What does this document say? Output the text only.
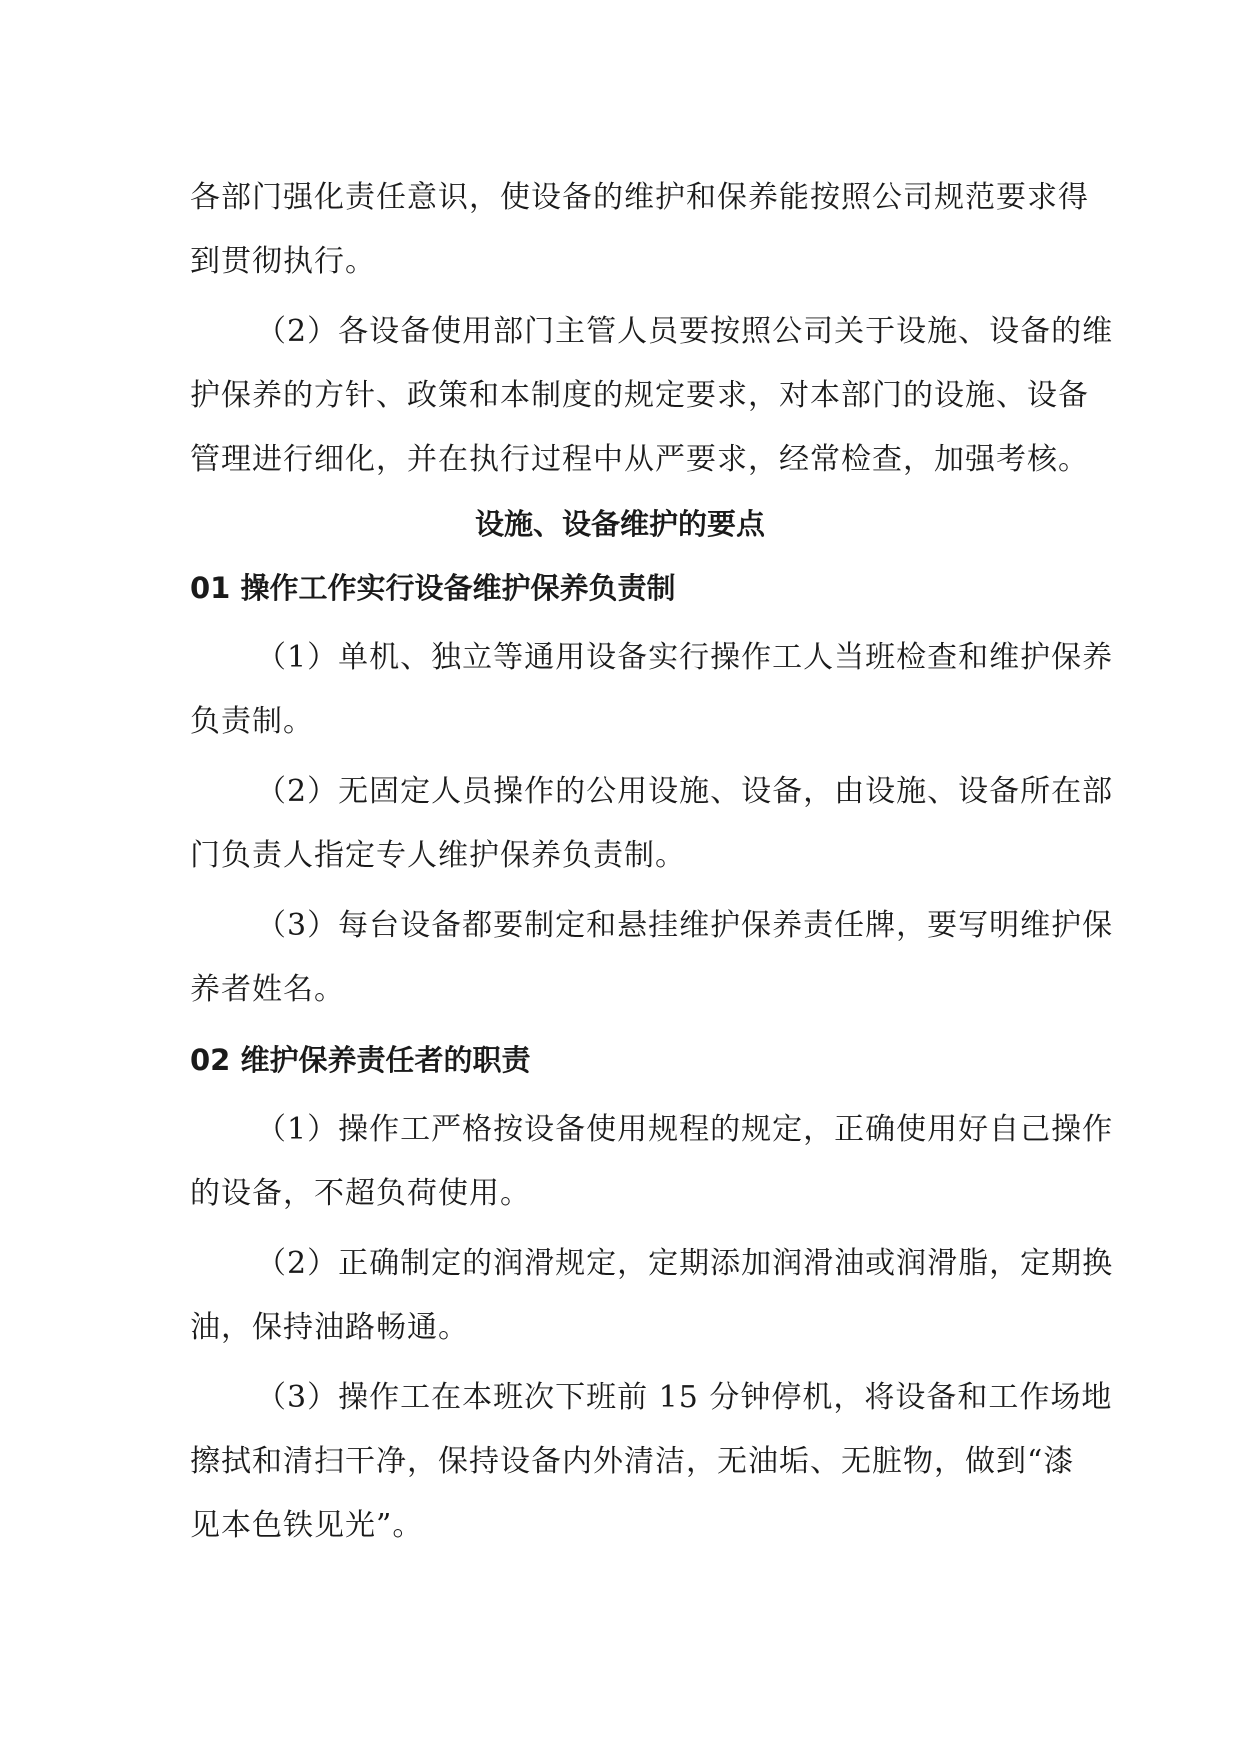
各部门强化责任意识，使设备的维护和保养能按照公司规范要求得
到贯彻执行。
（2）各设备使用部门主管人员要按照公司关于设施、设备的维
护保养的方针、政策和本制度的规定要求，对本部门的设施、设备
管理进行细化，并在执行过程中从严要求，经常检查，加强考核。
设施、设备维护的要点
01 操作工作实行设备维护保养负责制
（1）单机、独立等通用设备实行操作工人当班检查和维护保养
负责制。
（2）无固定人员操作的公用设施、设备，由设施、设备所在部
门负责人指定专人维护保养负责制。
（3）每台设备都要制定和悬挂维护保养责任牌，要写明维护保
养者姓名。
02 维护保养责任者的职责
（1）操作工严格按设备使用规程的规定，正确使用好自己操作
的设备，不超负荷使用。
（2）正确制定的润滑规定，定期添加润滑油或润滑脂，定期换
油，保持油路畅通。
（3）操作工在本班次下班前 15 分钟停机，将设备和工作场地
擦拭和清扫干净，保持设备内外清洁，无油垢、无脏物，做到“漆
见本色铁见光”。
